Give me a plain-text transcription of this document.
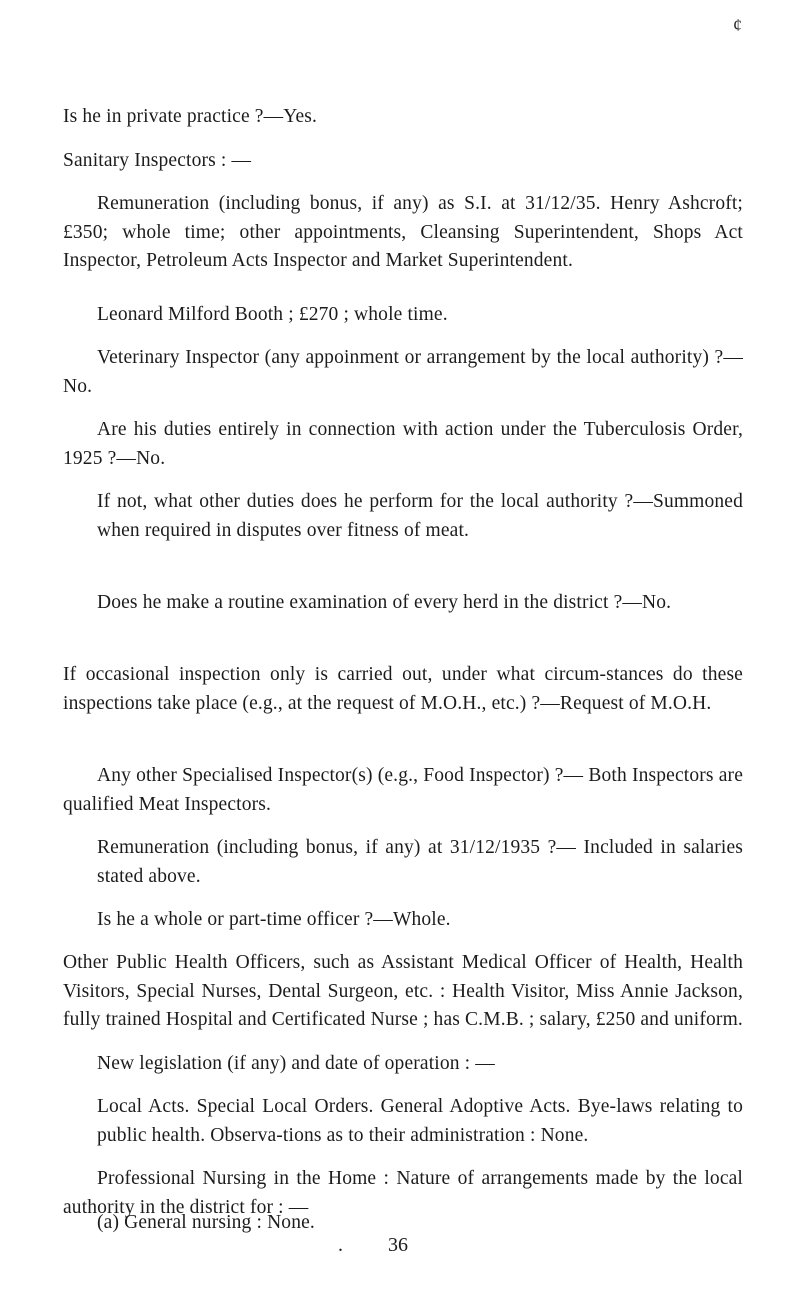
¢

Is he in private practice ?—Yes.

Sanitary Inspectors : —

Remuneration (including bonus, if any) as S.I. at 31/12/35. Henry Ashcroft; £350; whole time; other appointments, Cleansing Superintendent, Shops Act Inspector, Petroleum Acts Inspector and Market Superintendent.

Leonard Milford Booth ; £270 ; whole time.

Veterinary Inspector (any appoinment or arrangement by the local authority) ?—No.

Are his duties entirely in connection with action under the Tuberculosis Order, 1925 ?—No.

If not, what other duties does he perform for the local authority ?—Summoned when required in disputes over fitness of meat.

Does he make a routine examination of every herd in the district ?—No.

If occasional inspection only is carried out, under what circum-stances do these inspections take place (e.g., at the request of M.O.H., etc.) ?—Request of M.O.H.

Any other Specialised Inspector(s) (e.g., Food Inspector) ?— Both Inspectors are qualified Meat Inspectors.

Remuneration (including bonus, if any) at 31/12/1935 ?— Included in salaries stated above.

Is he a whole or part-time officer ?—Whole.

Other Public Health Officers, such as Assistant Medical Officer of Health, Health Visitors, Special Nurses, Dental Surgeon, etc. : Health Visitor, Miss Annie Jackson, fully trained Hospital and Certificated Nurse ; has C.M.B. ; salary, £250 and uniform.

New legislation (if any) and date of operation : —

Local Acts. Special Local Orders. General Adoptive Acts. Bye-laws relating to public health. Observa-tions as to their administration : None.

Professional Nursing in the Home : Nature of arrangements made by the local authority in the district for : —

(a) General nursing : None.

.	36
